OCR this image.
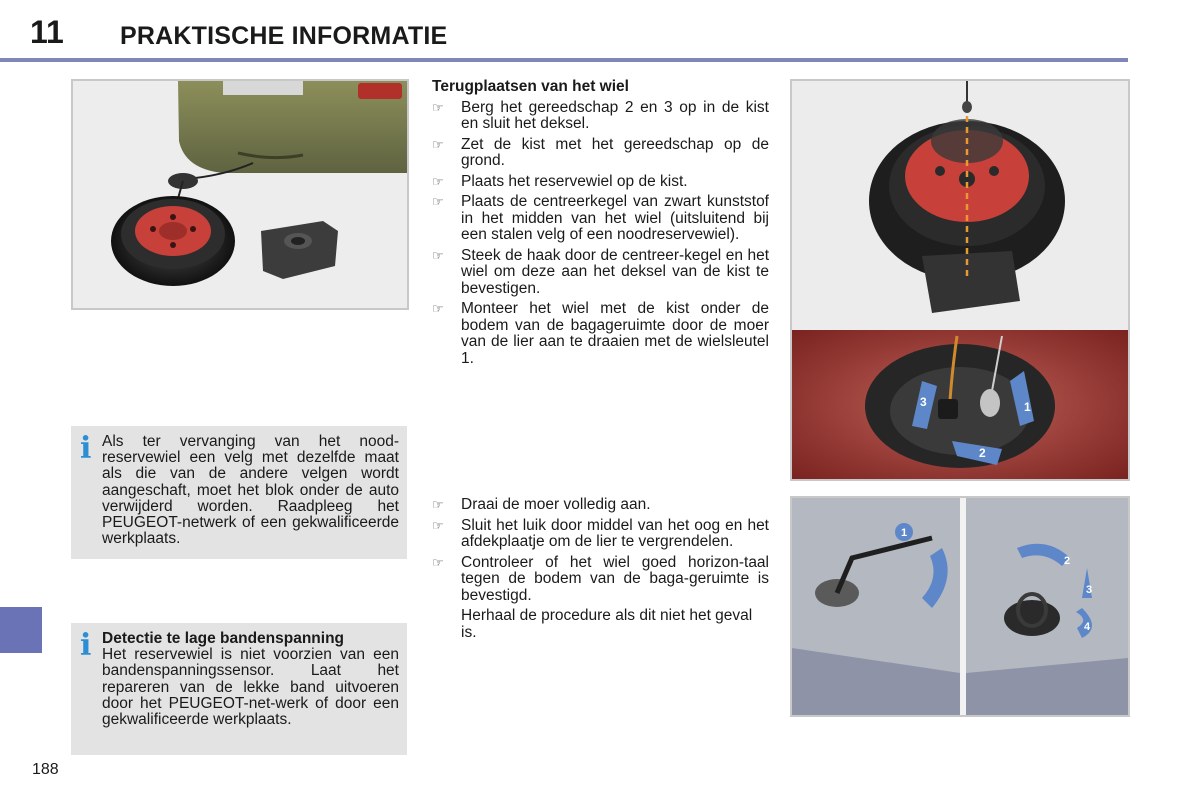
11 PRAKTISCHE INFORMATIE
188
1
2
3
1
2
3
4
Terugplaatsen van het wiel
☞ Berg het gereedschap 2 en 3 op in de kist en sluit het deksel.
☞ Zet de kist met het gereedschap op de grond.
☞ Plaats het reservewiel op de kist.
☞ Plaats de centreerkegel van zwart kunststof in het midden van het wiel (uitsluitend bij een stalen velg of een noodreservewiel).
☞ Steek de haak door de centreer-kegel en het wiel om deze aan het deksel van de kist te bevestigen.
☞ Monteer het wiel met de kist onder de bodem van de bagageruimte door de moer van de lier aan te draaien met de wielsleutel 1.
☞ Draai de moer volledig aan.
☞ Sluit het luik door middel van het oog en het afdekplaatje om de lier te vergrendelen.
☞ Controleer of het wiel goed horizon-taal tegen de bodem van de baga-geruimte is bevestigd.
Herhaal de procedure als dit niet het geval is.
i Als ter vervanging van het nood-reservewiel een velg met dezelfde maat als die van de andere velgen wordt aangeschaft, moet het blok onder de auto verwijderd worden. Raadpleeg het PEUGEOT-netwerk of een gekwalificeerde werkplaats.
i Detectie te lage bandenspanning
Het reservewiel is niet voorzien van een bandenspanningssensor. Laat het repareren van de lekke band uitvoeren door het PEUGEOT-net-werk of door een gekwalificeerde werkplaats.
